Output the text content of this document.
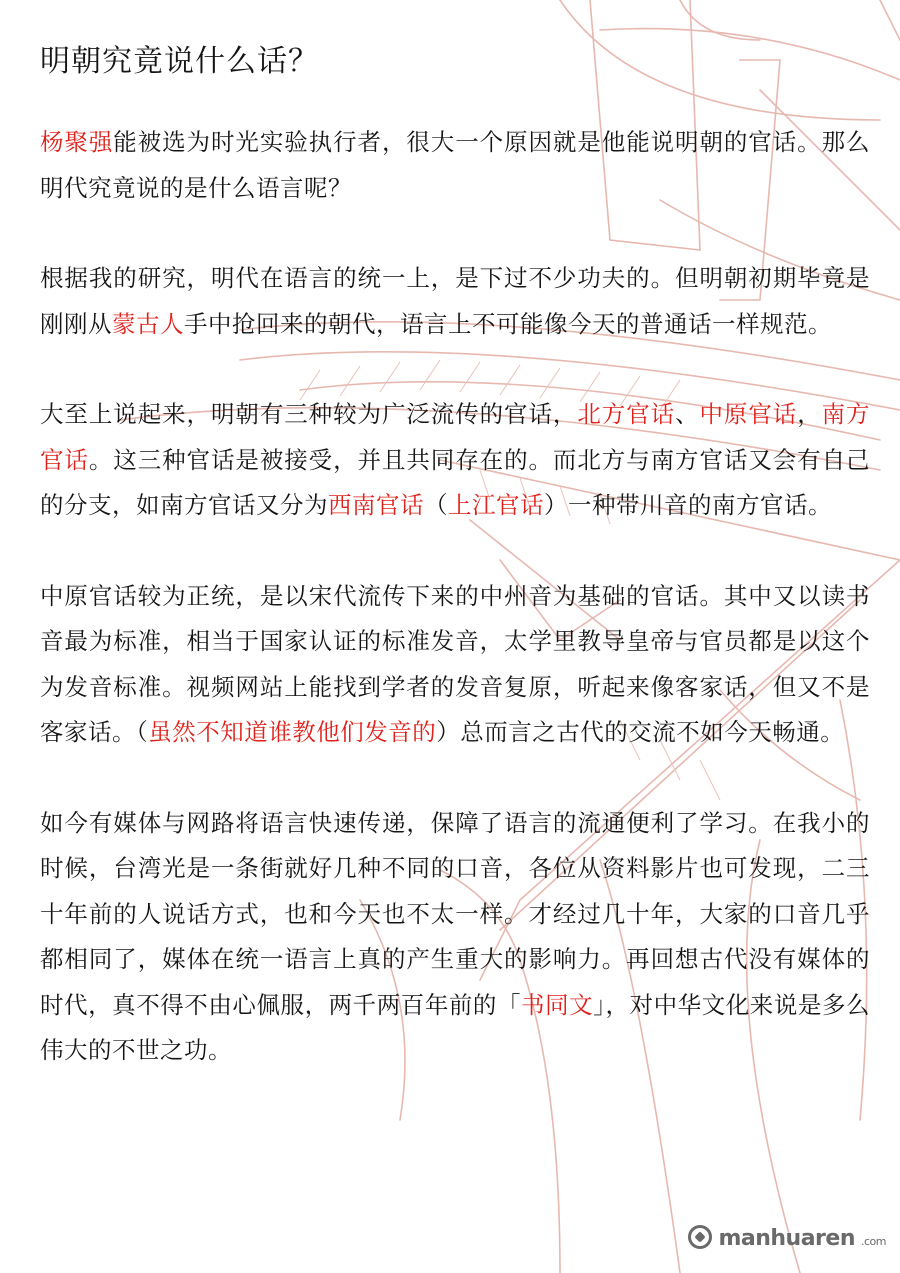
明朝究竟说什么话？

杨聚强能被选为时光实验执行者，很大一个原因就是他能说明朝的官话。那么明代究竟说的是什么语言呢？

根据我的研究，明代在语言的统一上，是下过不少功夫的。但明朝初期毕竟是刚刚从蒙古人手中抢回来的朝代，语言上不可能像今天的普通话一样规范。

大至上说起来，明朝有三种较为广泛流传的官话，北方官话、中原官话，南方官话。这三种官话是被接受，并且共同存在的。而北方与南方官话又会有自己的分支，如南方官话又分为西南官话（上江官话）一种带川音的南方官话。

中原官话较为正统，是以宋代流传下来的中州音为基础的官话。其中又以读书音最为标准，相当于国家认证的标准发音，太学里教导皇帝与官员都是以这个为发音标准。视频网站上能找到学者的发音复原，听起来像客家话，但又不是客家话。（虽然不知道谁教他们发音的）总而言之古代的交流不如今天畅通。

如今有媒体与网路将语言快速传递，保障了语言的流通便利了学习。在我小的时候，台湾光是一条街就好几种不同的口音，各位从资料影片也可发现，二三十年前的人说话方式，也和今天也不太一样。才经过几十年，大家的口音几乎都相同了，媒体在统一语言上真的产生重大的影响力。再回想古代没有媒体的时代，真不得不由心佩服，两千两百年前的「书同文」，对中华文化来说是多么伟大的不世之功。

manhuaren .com
